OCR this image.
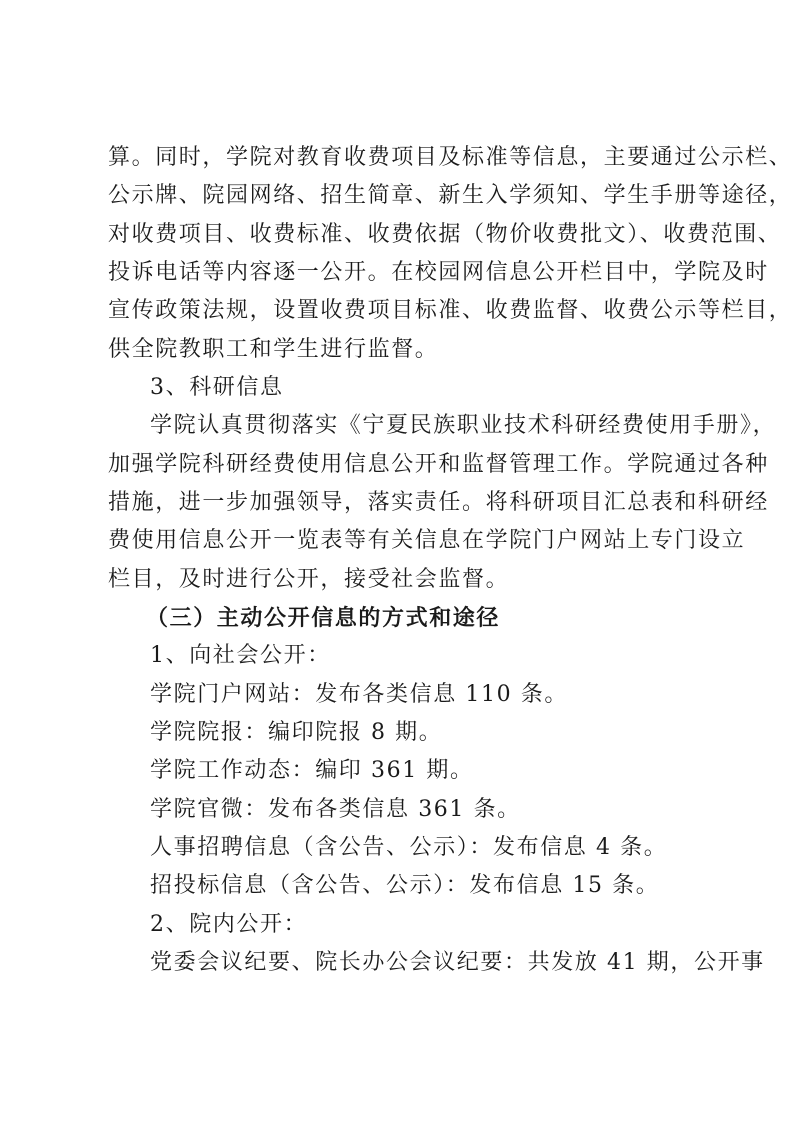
算。同时，学院对教育收费项目及标准等信息，主要通过公示栏、
公示牌、院园网络、招生简章、新生入学须知、学生手册等途径，
对收费项目、收费标准、收费依据（物价收费批文）、收费范围、
投诉电话等内容逐一公开。在校园网信息公开栏目中，学院及时
宣传政策法规，设置收费项目标准、收费监督、收费公示等栏目，
供全院教职工和学生进行监督。
3、科研信息
学院认真贯彻落实《宁夏民族职业技术科研经费使用手册》，
加强学院科研经费使用信息公开和监督管理工作。学院通过各种
措施，进一步加强领导，落实责任。将科研项目汇总表和科研经
费使用信息公开一览表等有关信息在学院门户网站上专门设立
栏目，及时进行公开，接受社会监督。
（三）主动公开信息的方式和途径
1、向社会公开：
学院门户网站：发布各类信息 110 条。
学院院报：编印院报 8 期。
学院工作动态：编印 361 期。
学院官微：发布各类信息 361 条。
人事招聘信息（含公告、公示）：发布信息 4 条。
招投标信息（含公告、公示）：发布信息 15 条。
2、院内公开：
党委会议纪要、院长办公会议纪要：共发放 41 期，公开事
